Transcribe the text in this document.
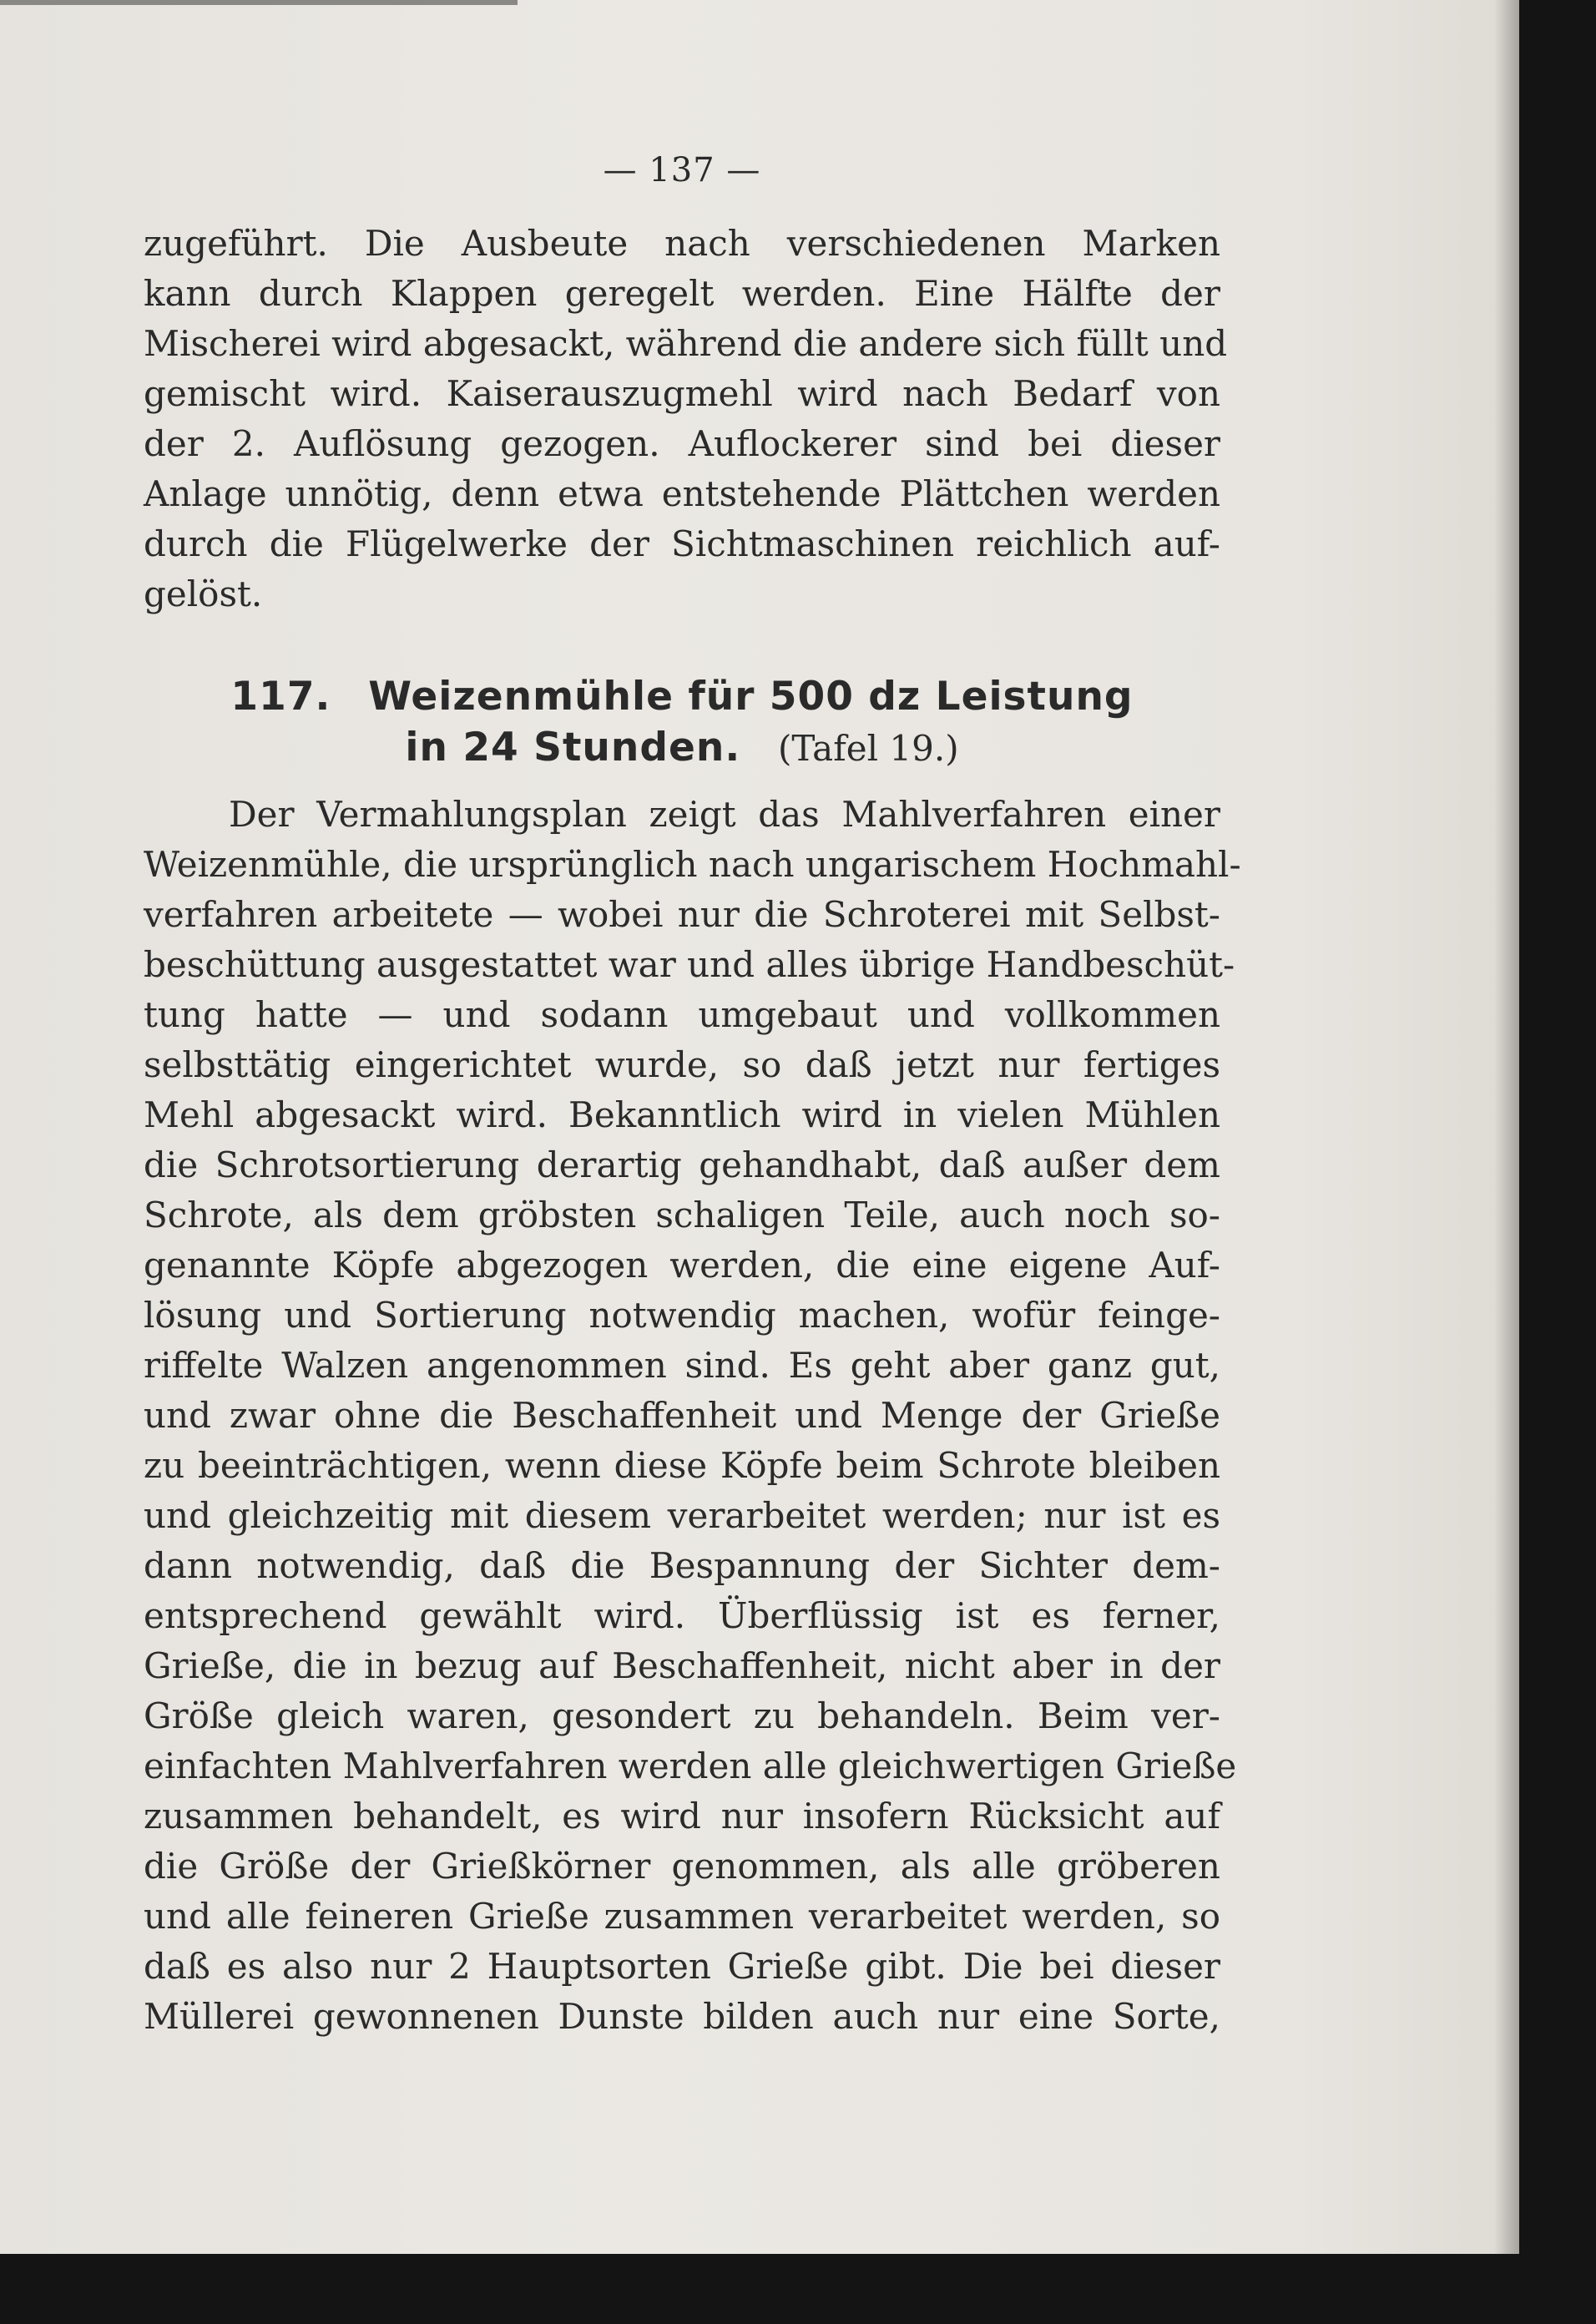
— 137 —
zugeführt. Die Ausbeute nach verschiedenen Marken
kann durch Klappen geregelt werden. Eine Hälfte der
Mischerei wird abgesackt, während die andere sich füllt und
gemischt wird. Kaiserauszugmehl wird nach Bedarf von
der 2. Auflösung gezogen. Auflockerer sind bei dieser
Anlage unnötig, denn etwa entstehende Plättchen werden
durch die Flügelwerke der Sichtmaschinen reichlich auf-
gelöst.
117. Weizenmühle für 500 dz Leistung
in 24 Stunden. (Tafel 19.)
Der Vermahlungsplan zeigt das Mahlverfahren einer
Weizenmühle, die ursprünglich nach ungarischem Hochmahl-
verfahren arbeitete — wobei nur die Schroterei mit Selbst-
beschüttung ausgestattet war und alles übrige Handbeschüt-
tung hatte — und sodann umgebaut und vollkommen
selbsttätig eingerichtet wurde, so daß jetzt nur fertiges
Mehl abgesackt wird. Bekanntlich wird in vielen Mühlen
die Schrotsortierung derartig gehandhabt, daß außer dem
Schrote, als dem gröbsten schaligen Teile, auch noch so-
genannte Köpfe abgezogen werden, die eine eigene Auf-
lösung und Sortierung notwendig machen, wofür feinge-
riffelte Walzen angenommen sind. Es geht aber ganz gut,
und zwar ohne die Beschaffenheit und Menge der Grieße
zu beeinträchtigen, wenn diese Köpfe beim Schrote bleiben
und gleichzeitig mit diesem verarbeitet werden; nur ist es
dann notwendig, daß die Bespannung der Sichter dem-
entsprechend gewählt wird. Überflüssig ist es ferner,
Grieße, die in bezug auf Beschaffenheit, nicht aber in der
Größe gleich waren, gesondert zu behandeln. Beim ver-
einfachten Mahlverfahren werden alle gleichwertigen Grieße
zusammen behandelt, es wird nur insofern Rücksicht auf
die Größe der Grießkörner genommen, als alle gröberen
und alle feineren Grieße zusammen verarbeitet werden, so
daß es also nur 2 Hauptsorten Grieße gibt. Die bei dieser
Müllerei gewonnenen Dunste bilden auch nur eine Sorte,
